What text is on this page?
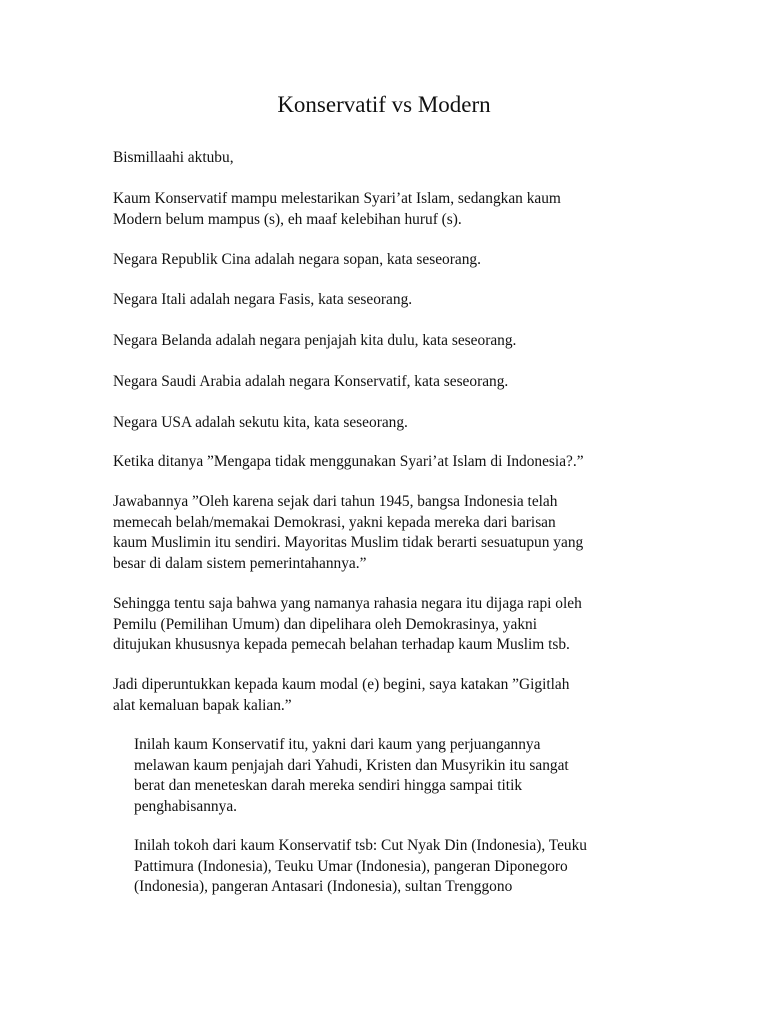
Konservatif vs Modern

Bismillaahi aktubu,

Kaum Konservatif mampu melestarikan Syari’at Islam, sedangkan kaum
Modern belum mampus (s), eh maaf kelebihan huruf (s).

Negara Republik Cina adalah negara sopan, kata seseorang.

Negara Itali adalah negara Fasis, kata seseorang.

Negara Belanda adalah negara penjajah kita dulu, kata seseorang.

Negara Saudi Arabia adalah negara Konservatif, kata seseorang.

Negara USA adalah sekutu kita, kata seseorang.

Ketika ditanya ”Mengapa tidak menggunakan Syari’at Islam di Indonesia?.”

Jawabannya ”Oleh karena sejak dari tahun 1945, bangsa Indonesia telah
memecah belah/memakai Demokrasi, yakni kepada mereka dari barisan
kaum Muslimin itu sendiri. Mayoritas Muslim tidak berarti sesuatupun yang
besar di dalam sistem pemerintahannya.”

Sehingga tentu saja bahwa yang namanya rahasia negara itu dijaga rapi oleh
Pemilu (Pemilihan Umum) dan dipelihara oleh Demokrasinya, yakni
ditujukan khususnya kepada pemecah belahan terhadap kaum Muslim tsb.

Jadi diperuntukkan kepada kaum modal (e) begini, saya katakan ”Gigitlah
alat kemaluan bapak kalian.”

Inilah kaum Konservatif itu, yakni dari kaum yang perjuangannya
melawan kaum penjajah dari Yahudi, Kristen dan Musyrikin itu sangat
berat dan meneteskan darah mereka sendiri hingga sampai titik
penghabisannya.

Inilah tokoh dari kaum Konservatif tsb: Cut Nyak Din (Indonesia), Teuku
Pattimura (Indonesia), Teuku Umar (Indonesia), pangeran Diponegoro
(Indonesia), pangeran Antasari (Indonesia), sultan Trenggono
